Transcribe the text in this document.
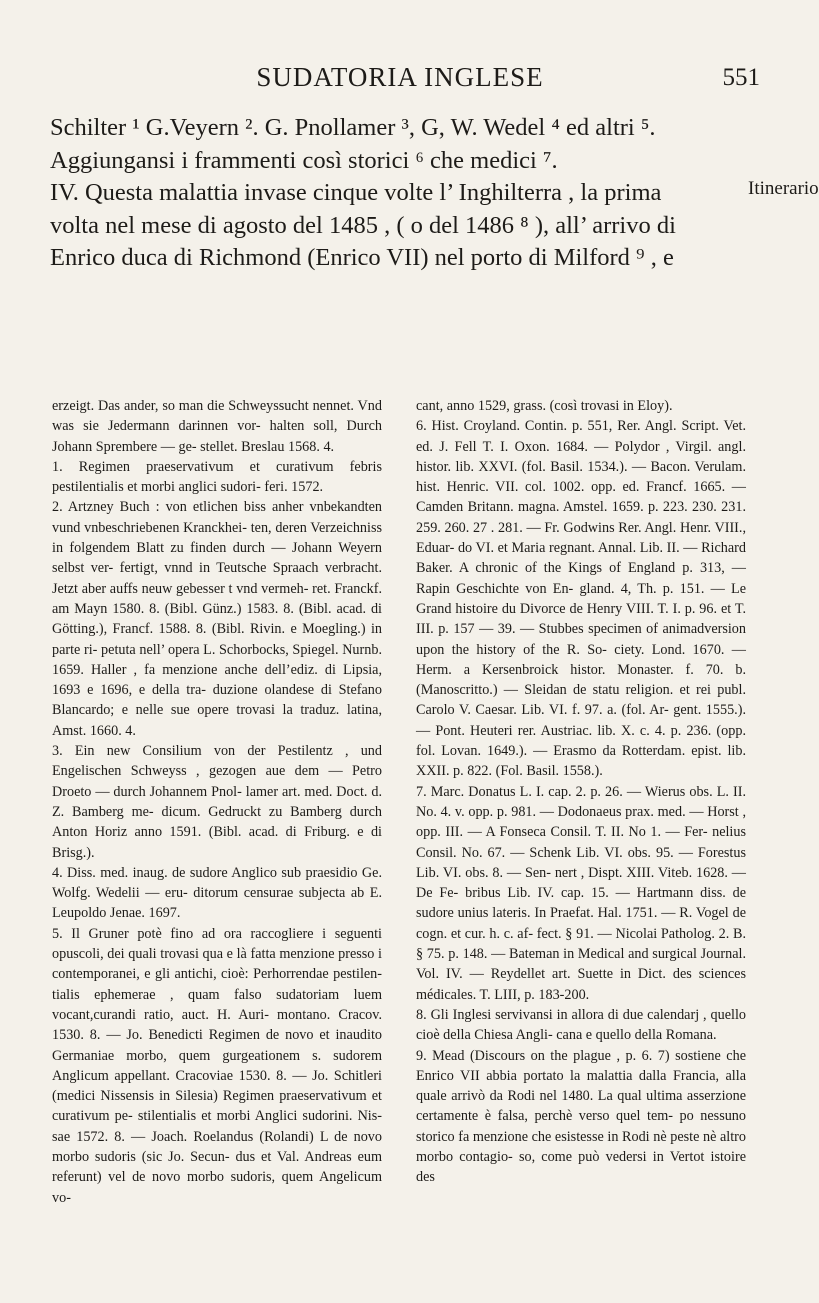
SUDATORIA INGLESE	551
Itinerario
Schilter ¹ G.Veyern ². G. Pnollamer ³, G, W. Wedel ⁴ ed altri ⁵.
Aggiungansi i frammenti così storici ⁶ che medici ⁷.
IV. Questa malattia invase cinque volte l’ Inghilterra , la prima
volta nel mese di agosto del 1485 , ( o del 1486 ⁸ ), all’ arrivo di
Enrico duca di Richmond (Enrico VII) nel porto di Milford ⁹ , e

erzeigt. Das ander, so man die Schweyssucht nennet. Vnd was sie Jedermann darinnen vor- halten soll, Durch Johann Sprembere — ge- stellet. Breslau 1568. 4.

1. Regimen praeservativum et curativum febris pestilentialis et morbi anglici sudori- feri. 1572.

2. Artzney Buch : von etlichen biss anher vnbekandten vund vnbeschriebenen Kranckhei- ten, deren Verzeichniss in folgendem Blatt zu finden durch — Johann Weyern selbst ver- fertigt, vnnd in Teutsche Spraach verbracht. Jetzt aber auffs neuw gebesser t vnd vermeh- ret. Franckf. am Mayn 1580. 8. (Bibl. Günz.) 1583. 8. (Bibl. acad. di Götting.), Francf. 1588. 8. (Bibl. Rivin. e Moegling.) in parte ri- petuta nell’ opera L. Schorbocks, Spiegel. Nurnb. 1659. Haller , fa menzione anche dell’ediz. di Lipsia, 1693 e 1696, e della tra- duzione olandese di Stefano Blancardo; e nelle sue opere trovasi la traduz. latina, Amst. 1660. 4.

3. Ein new Consilium von der Pestilentz , und Engelischen Schweyss , gezogen aue dem — Petro Droeto — durch Johannem Pnol- lamer art. med. Doct. d. Z. Bamberg me- dicum. Gedruckt zu Bamberg durch Anton Horiz anno 1591. (Bibl. acad. di Friburg. e di Brisg.).

4. Diss. med. inaug. de sudore Anglico sub praesidio Ge. Wolfg. Wedelii — eru- ditorum censurae subjecta ab E. Leupoldo Jenae. 1697.

5. Il Gruner potè fino ad ora raccogliere i seguenti opuscoli, dei quali trovasi qua e là fatta menzione presso i contemporanei, e gli antichi, cioè: Perhorrendae pestilen- tialis ephemerae , quam falso sudatoriam luem vocant,curandi ratio, auct. H. Auri- montano. Cracov. 1530. 8. — Jo. Benedicti Regimen de novo et inaudito Germaniae morbo, quem gurgeationem s. sudorem Anglicum appellant. Cracoviae 1530. 8. — Jo. Schitleri (medici Nissensis in Silesia) Regimen praeservativum et curativum pe- stilentialis et morbi Anglici sudorini. Nis- sae 1572. 8. — Joach. Roelandus (Rolandi) L de novo morbo sudoris (sic Jo. Secun- dus et Val. Andreas eum referunt) vel de novo morbo sudoris, quem Angelicum vo-

cant, anno 1529, grass. (così trovasi in Eloy).

6. Hist. Croyland. Contin. p. 551, Rer. Angl. Script. Vet. ed. J. Fell T. I. Oxon. 1684. — Polydor , Virgil. angl. histor. lib. XXVI. (fol. Basil. 1534.). — Bacon. Verulam. hist. Henric. VII. col. 1002. opp. ed. Francf. 1665. — Camden Britann. magna. Amstel. 1659. p. 223. 230. 231. 259. 260. 27 . 281. — Fr. Godwins Rer. Angl. Henr. VIII., Eduar- do VI. et Maria regnant. Annal. Lib. II. — Richard Baker. A chronic of the Kings of England p. 313, — Rapin Geschichte von En- gland. 4, Th. p. 151. — Le Grand histoire du Divorce de Henry VIII. T. I. p. 96. et T. III. p. 157 — 39. — Stubbes specimen of animadversion upon the history of the R. So- ciety. Lond. 1670. — Herm. a Kersenbroick histor. Monaster. f. 70. b. (Manoscritto.) — Sleidan de statu religion. et rei publ. Carolo V. Caesar. Lib. VI. f. 97. a. (fol. Ar- gent. 1555.). — Pont. Heuteri rer. Austriac. lib. X. c. 4. p. 236. (opp. fol. Lovan. 1649.). — Erasmo da Rotterdam. epist. lib. XXII. p. 822. (Fol. Basil. 1558.).

7. Marc. Donatus L. I. cap. 2. p. 26. — Wierus obs. L. II. No. 4. v. opp. p. 981. — Dodonaeus prax. med. — Horst , opp. III. — A Fonseca Consil. T. II. No 1. — Fer- nelius Consil. No. 67. — Schenk Lib. VI. obs. 95. — Forestus Lib. VI. obs. 8. — Sen- nert , Dispt. XIII. Viteb. 1628. — De Fe- bribus Lib. IV. cap. 15. — Hartmann diss. de sudore unius lateris. In Praefat. Hal. 1751. — R. Vogel de cogn. et cur. h. c. af- fect. § 91. — Nicolai Patholog. 2. B. § 75. p. 148. — Bateman in Medical and surgical Journal. Vol. IV. — Reydellet art. Suette in Dict. des sciences médicales. T. LIII, p. 183-200.

8. Gli Inglesi servivansi in allora di due calendarj , quello cioè della Chiesa Angli- cana e quello della Romana.

9. Mead (Discours on the plague , p. 6. 7) sostiene che Enrico VII abbia portato la malattia dalla Francia, alla quale arrivò da Rodi nel 1480. La qual ultima asserzione certamente è falsa, perchè verso quel tem- po nessuno storico fa menzione che esistesse in Rodi nè peste nè altro morbo contagio- so, come può vedersi in Vertot istoire des
